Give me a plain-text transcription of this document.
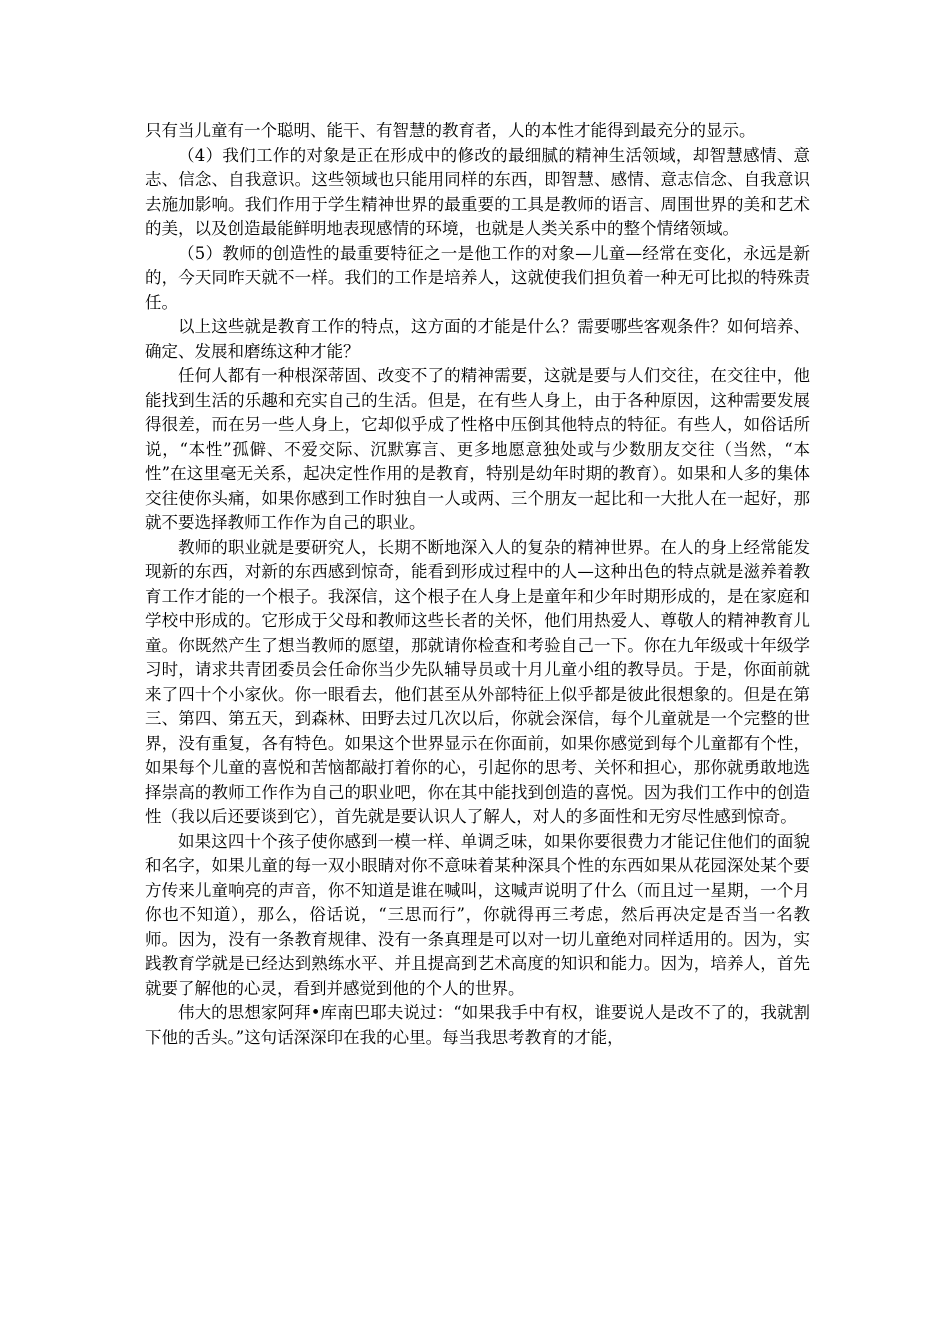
只有当儿童有一个聪明、能干、有智慧的教育者，人的本性才能得到最充分的显示。

（4）我们工作的对象是正在形成中的修改的最细腻的精神生活领域，却智慧感情、意志、信念、自我意识。这些领域也只能用同样的东西，即智慧、感情、意志信念、自我意识去施加影响。我们作用于学生精神世界的最重要的工具是教师的语言、周围世界的美和艺术的美，以及创造最能鲜明地表现感情的环境，也就是人类关系中的整个情绪领域。

（5）教师的创造性的最重要特征之一是他工作的对象—儿童—经常在变化，永远是新的，今天同昨天就不一样。我们的工作是培养人，这就使我们担负着一种无可比拟的特殊责任。

以上这些就是教育工作的特点，这方面的才能是什么？需要哪些客观条件？如何培养、确定、发展和磨练这种才能？

任何人都有一种根深蒂固、改变不了的精神需要，这就是要与人们交往，在交往中，他能找到生活的乐趣和充实自己的生活。但是，在有些人身上，由于各种原因，这种需要发展得很差，而在另一些人身上，它却似乎成了性格中压倒其他特点的特征。有些人，如俗话所说，“本性”孤僻、不爱交际、沉默寡言、更多地愿意独处或与少数朋友交往（当然，“本性”在这里毫无关系，起决定性作用的是教育，特别是幼年时期的教育）。如果和人多的集体交往使你头痛，如果你感到工作时独自一人或两、三个朋友一起比和一大批人在一起好，那就不要选择教师工作作为自己的职业。

教师的职业就是要研究人，长期不断地深入人的复杂的精神世界。在人的身上经常能发现新的东西，对新的东西感到惊奇，能看到形成过程中的人—这种出色的特点就是滋养着教育工作才能的一个根子。我深信，这个根子在人身上是童年和少年时期形成的，是在家庭和学校中形成的。它形成于父母和教师这些长者的关怀，他们用热爱人、尊敬人的精神教育儿童。你既然产生了想当教师的愿望，那就请你检查和考验自己一下。你在九年级或十年级学习时，请求共青团委员会任命你当少先队辅导员或十月儿童小组的教导员。于是，你面前就来了四十个小家伙。你一眼看去，他们甚至从外部特征上似乎都是彼此很想象的。但是在第三、第四、第五天，到森林、田野去过几次以后，你就会深信，每个儿童就是一个完整的世界，没有重复，各有特色。如果这个世界显示在你面前，如果你感觉到每个儿童都有个性，如果每个儿童的喜悦和苦恼都敲打着你的心，引起你的思考、关怀和担心，那你就勇敢地选择崇高的教师工作作为自己的职业吧，你在其中能找到创造的喜悦。因为我们工作中的创造性（我以后还要谈到它），首先就是要认识人了解人，对人的多面性和无穷尽性感到惊奇。

如果这四十个孩子使你感到一模一样、单调乏味，如果你要很费力才能记住他们的面貌和名字，如果儿童的每一双小眼睛对你不意味着某种深具个性的东西如果从花园深处某个要方传来儿童响亮的声音，你不知道是谁在喊叫，这喊声说明了什么（而且过一星期，一个月你也不知道），那么，俗话说，“三思而行”，你就得再三考虑，然后再决定是否当一名教师。因为，没有一条教育规律、没有一条真理是可以对一切儿童绝对同样适用的。因为，实践教育学就是已经达到熟练水平、并且提高到艺术高度的知识和能力。因为，培养人，首先就要了解他的心灵，看到并感觉到他的个人的世界。

伟大的思想家阿拜•库南巴耶夫说过：“如果我手中有权，谁要说人是改不了的，我就割下他的舌头。”这句话深深印在我的心里。每当我思考教育的才能，
